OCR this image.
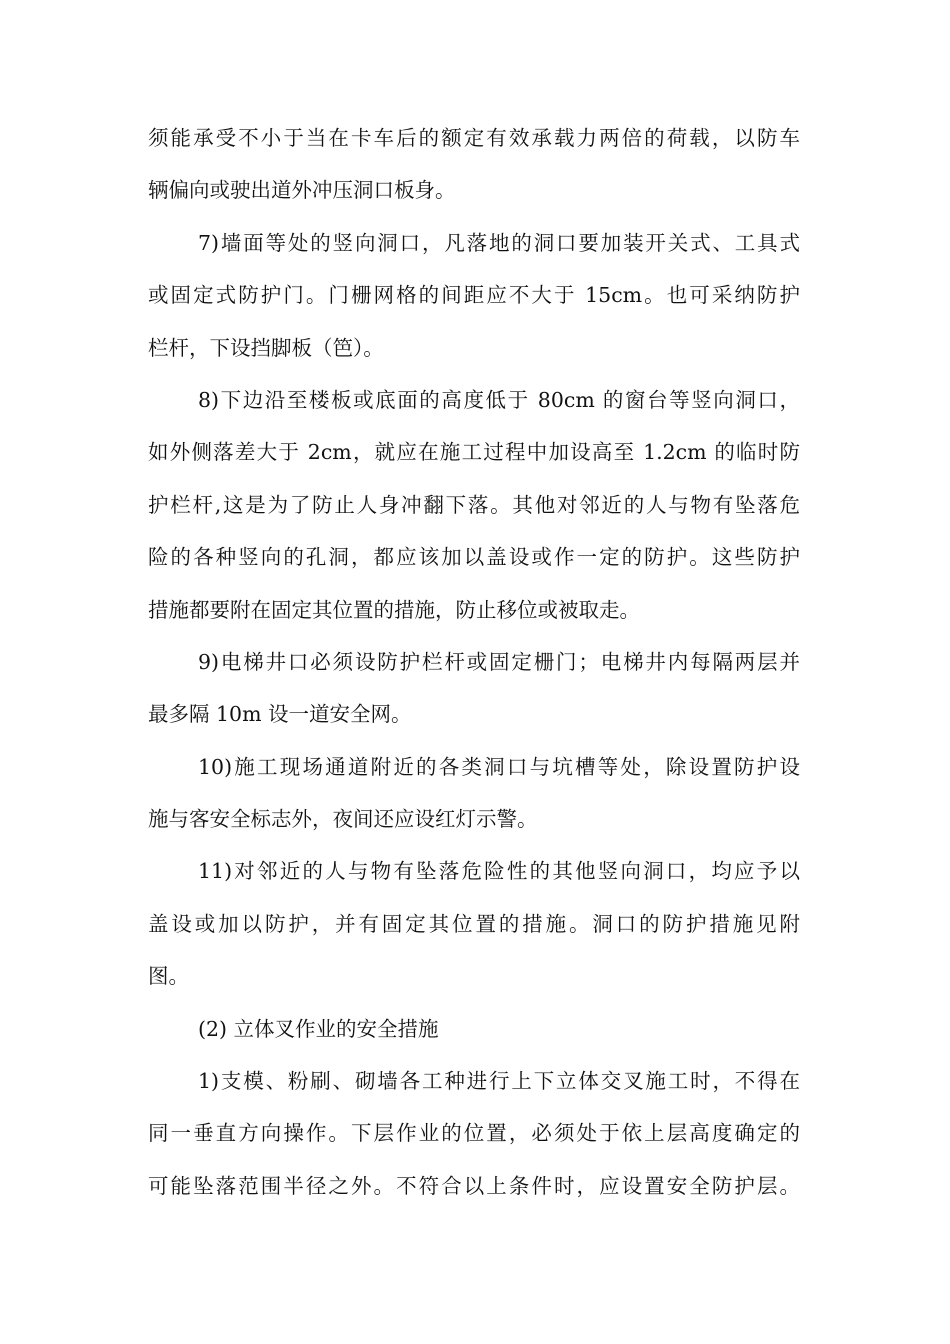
须能承受不小于当在卡车后的额定有效承载力两倍的荷载，以防车
辆偏向或驶出道外冲压洞口板身。
7)墙面等处的竖向洞口，凡落地的洞口要加装开关式、工具式
或固定式防护门。门栅网格的间距应不大于 15cm。也可采纳防护
栏杆，下设挡脚板（笆）。
8)下边沿至楼板或底面的高度低于 80cm 的窗台等竖向洞口，
如外侧落差大于 2cm，就应在施工过程中加设高至 1.2cm 的临时防
护栏杆,这是为了防止人身冲翻下落。其他对邻近的人与物有坠落危
险的各种竖向的孔洞，都应该加以盖设或作一定的防护。这些防护
措施都要附在固定其位置的措施，防止移位或被取走。
9)电梯井口必须设防护栏杆或固定栅门；电梯井内每隔两层并
最多隔 10m 设一道安全网。
10)施工现场通道附近的各类洞口与坑槽等处，除设置防护设
施与客安全标志外，夜间还应设红灯示警。
11)对邻近的人与物有坠落危险性的其他竖向洞口，均应予以
盖设或加以防护，并有固定其位置的措施。洞口的防护措施见附
图。
(2) 立体叉作业的安全措施
1)支模、粉刷、砌墙各工种进行上下立体交叉施工时，不得在
同一垂直方向操作。下层作业的位置，必须处于依上层高度确定的
可能坠落范围半径之外。不符合以上条件时，应设置安全防护层。
